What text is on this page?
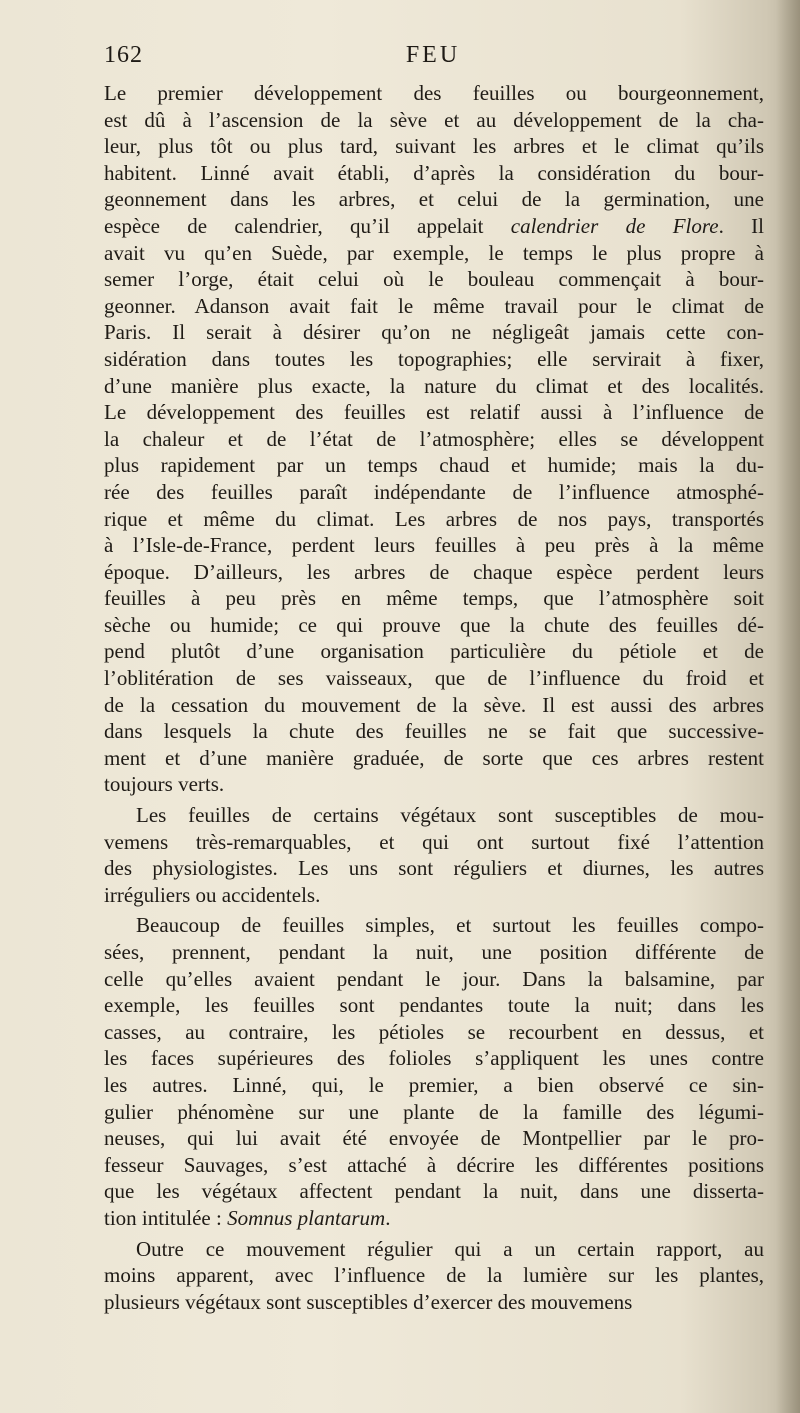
162	FEU
Le premier développement des feuilles ou bourgeonnement,
est dû à l’ascension de la sève et au développement de la cha-
leur, plus tôt ou plus tard, suivant les arbres et le climat qu’ils
habitent. Linné avait établi, d’après la considération du bour-
geonnement dans les arbres, et celui de la germination, une
espèce de calendrier, qu’il appelait calendrier de Flore. Il
avait vu qu’en Suède, par exemple, le temps le plus propre à
semer l’orge, était celui où le bouleau commençait à bour-
geonner. Adanson avait fait le même travail pour le climat de
Paris. Il serait à désirer qu’on ne négligeât jamais cette con-
sidération dans toutes les topographies; elle servirait à fixer,
d’une manière plus exacte, la nature du climat et des localités.
Le développement des feuilles est relatif aussi à l’influence de
la chaleur et de l’état de l’atmosphère; elles se développent
plus rapidement par un temps chaud et humide; mais la du-
rée des feuilles paraît indépendante de l’influence atmosphé-
rique et même du climat. Les arbres de nos pays, transportés
à l’Isle-de-France, perdent leurs feuilles à peu près à la même
époque. D’ailleurs, les arbres de chaque espèce perdent leurs
feuilles à peu près en même temps, que l’atmosphère soit
sèche ou humide; ce qui prouve que la chute des feuilles dé-
pend plutôt d’une organisation particulière du pétiole et de
l’oblitération de ses vaisseaux, que de l’influence du froid et
de la cessation du mouvement de la sève. Il est aussi des arbres
dans lesquels la chute des feuilles ne se fait que successive-
ment et d’une manière graduée, de sorte que ces arbres restent
toujours verts.
Les feuilles de certains végétaux sont susceptibles de mou-
vemens très-remarquables, et qui ont surtout fixé l’attention
des physiologistes. Les uns sont réguliers et diurnes, les autres
irréguliers ou accidentels.
Beaucoup de feuilles simples, et surtout les feuilles compo-
sées, prennent, pendant la nuit, une position différente de
celle qu’elles avaient pendant le jour. Dans la balsamine, par
exemple, les feuilles sont pendantes toute la nuit; dans les
casses, au contraire, les pétioles se recourbent en dessus, et
les faces supérieures des folioles s’appliquent les unes contre
les autres. Linné, qui, le premier, a bien observé ce sin-
gulier phénomène sur une plante de la famille des légumi-
neuses, qui lui avait été envoyée de Montpellier par le pro-
fesseur Sauvages, s’est attaché à décrire les différentes positions
que les végétaux affectent pendant la nuit, dans une disserta-
tion intitulée : Somnus plantarum.
Outre ce mouvement régulier qui a un certain rapport, au
moins apparent, avec l’influence de la lumière sur les plantes,
plusieurs végétaux sont susceptibles d’exercer des mouvemens
